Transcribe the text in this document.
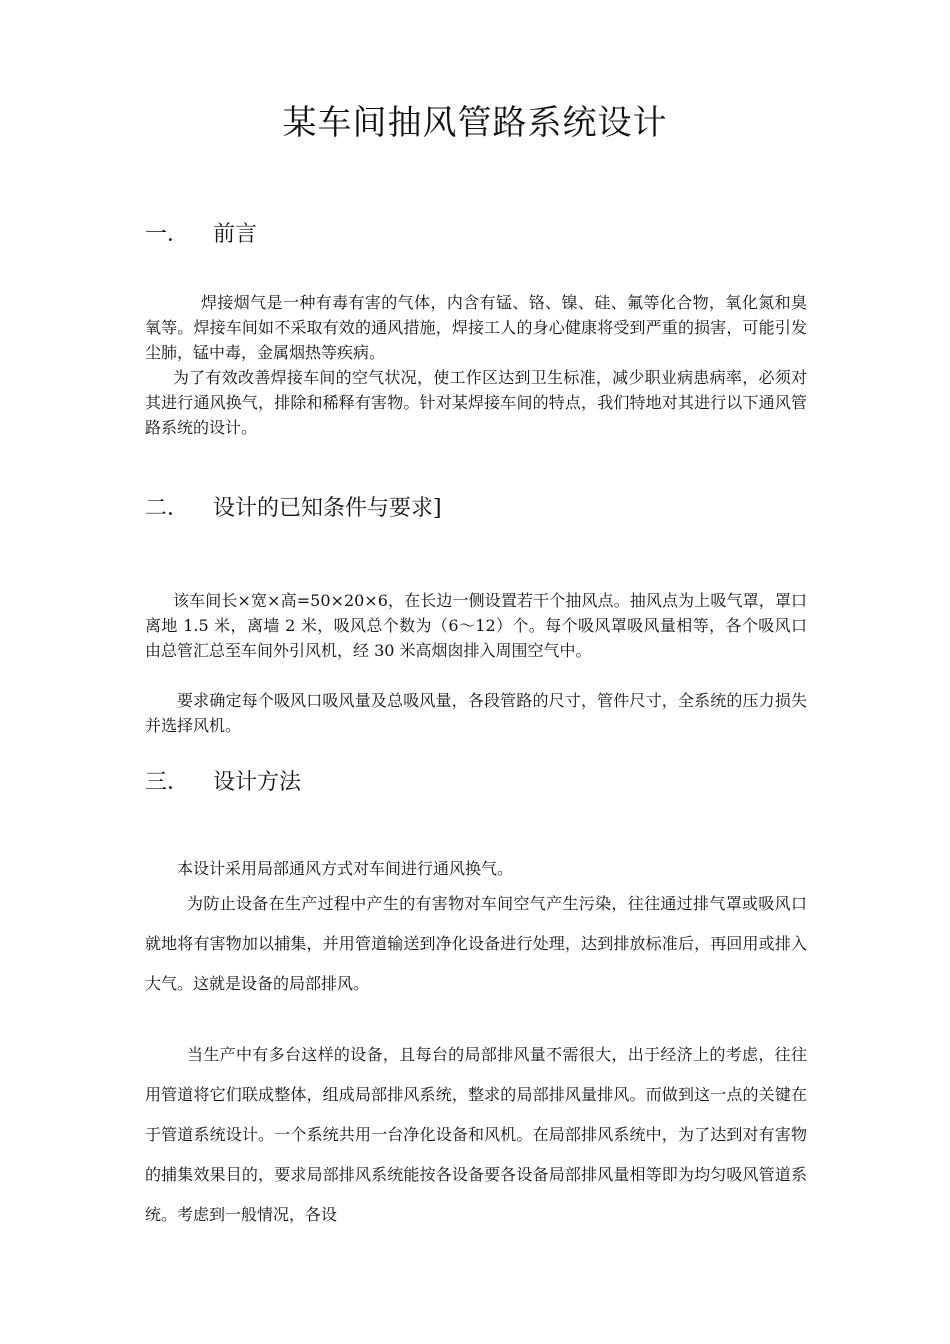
某车间抽风管路系统设计
一． 前言

焊接烟气是一种有毒有害的气体，内含有锰、铬、镍、硅、氟等化合物，氧化氮和臭氧等。焊接车间如不采取有效的通风措施，焊接工人的身心健康将受到严重的损害，可能引发尘肺，锰中毒，金属烟热等疾病。

为了有效改善焊接车间的空气状况，使工作区达到卫生标准，减少职业病患病率，必须对其进行通风换气，排除和稀释有害物。针对某焊接车间的特点，我们特地对其进行以下通风管路系统的设计。

二． 设计的已知条件与要求]

该车间长×宽×高=50×20×6，在长边一侧设置若干个抽风点。抽风点为上吸气罩，罩口离地 1.5 米，离墙 2 米，吸风总个数为（6～12）个。每个吸风罩吸风量相等，各个吸风口由总管汇总至车间外引风机，经 30 米高烟囱排入周围空气中。

要求确定每个吸风口吸风量及总吸风量，各段管路的尺寸，管件尺寸，全系统的压力损失并选择风机。

三． 设计方法

本设计采用局部通风方式对车间进行通风换气。

为防止设备在生产过程中产生的有害物对车间空气产生污染，往往通过排气罩或吸风口就地将有害物加以捕集，并用管道输送到净化设备进行处理，达到排放标准后，再回用或排入大气。这就是设备的局部排风。

当生产中有多台这样的设备，且每台的局部排风量不需很大，出于经济上的考虑，往往用管道将它们联成整体，组成局部排风系统，整求的局部排风量排风。而做到这一点的关键在于管道系统设计。一个系统共用一台净化设备和风机。在局部排风系统中，为了达到对有害物的捕集效果目的，要求局部排风系统能按各设备要各设备局部排风量相等即为均匀吸风管道系统。考虑到一般情况，各设
